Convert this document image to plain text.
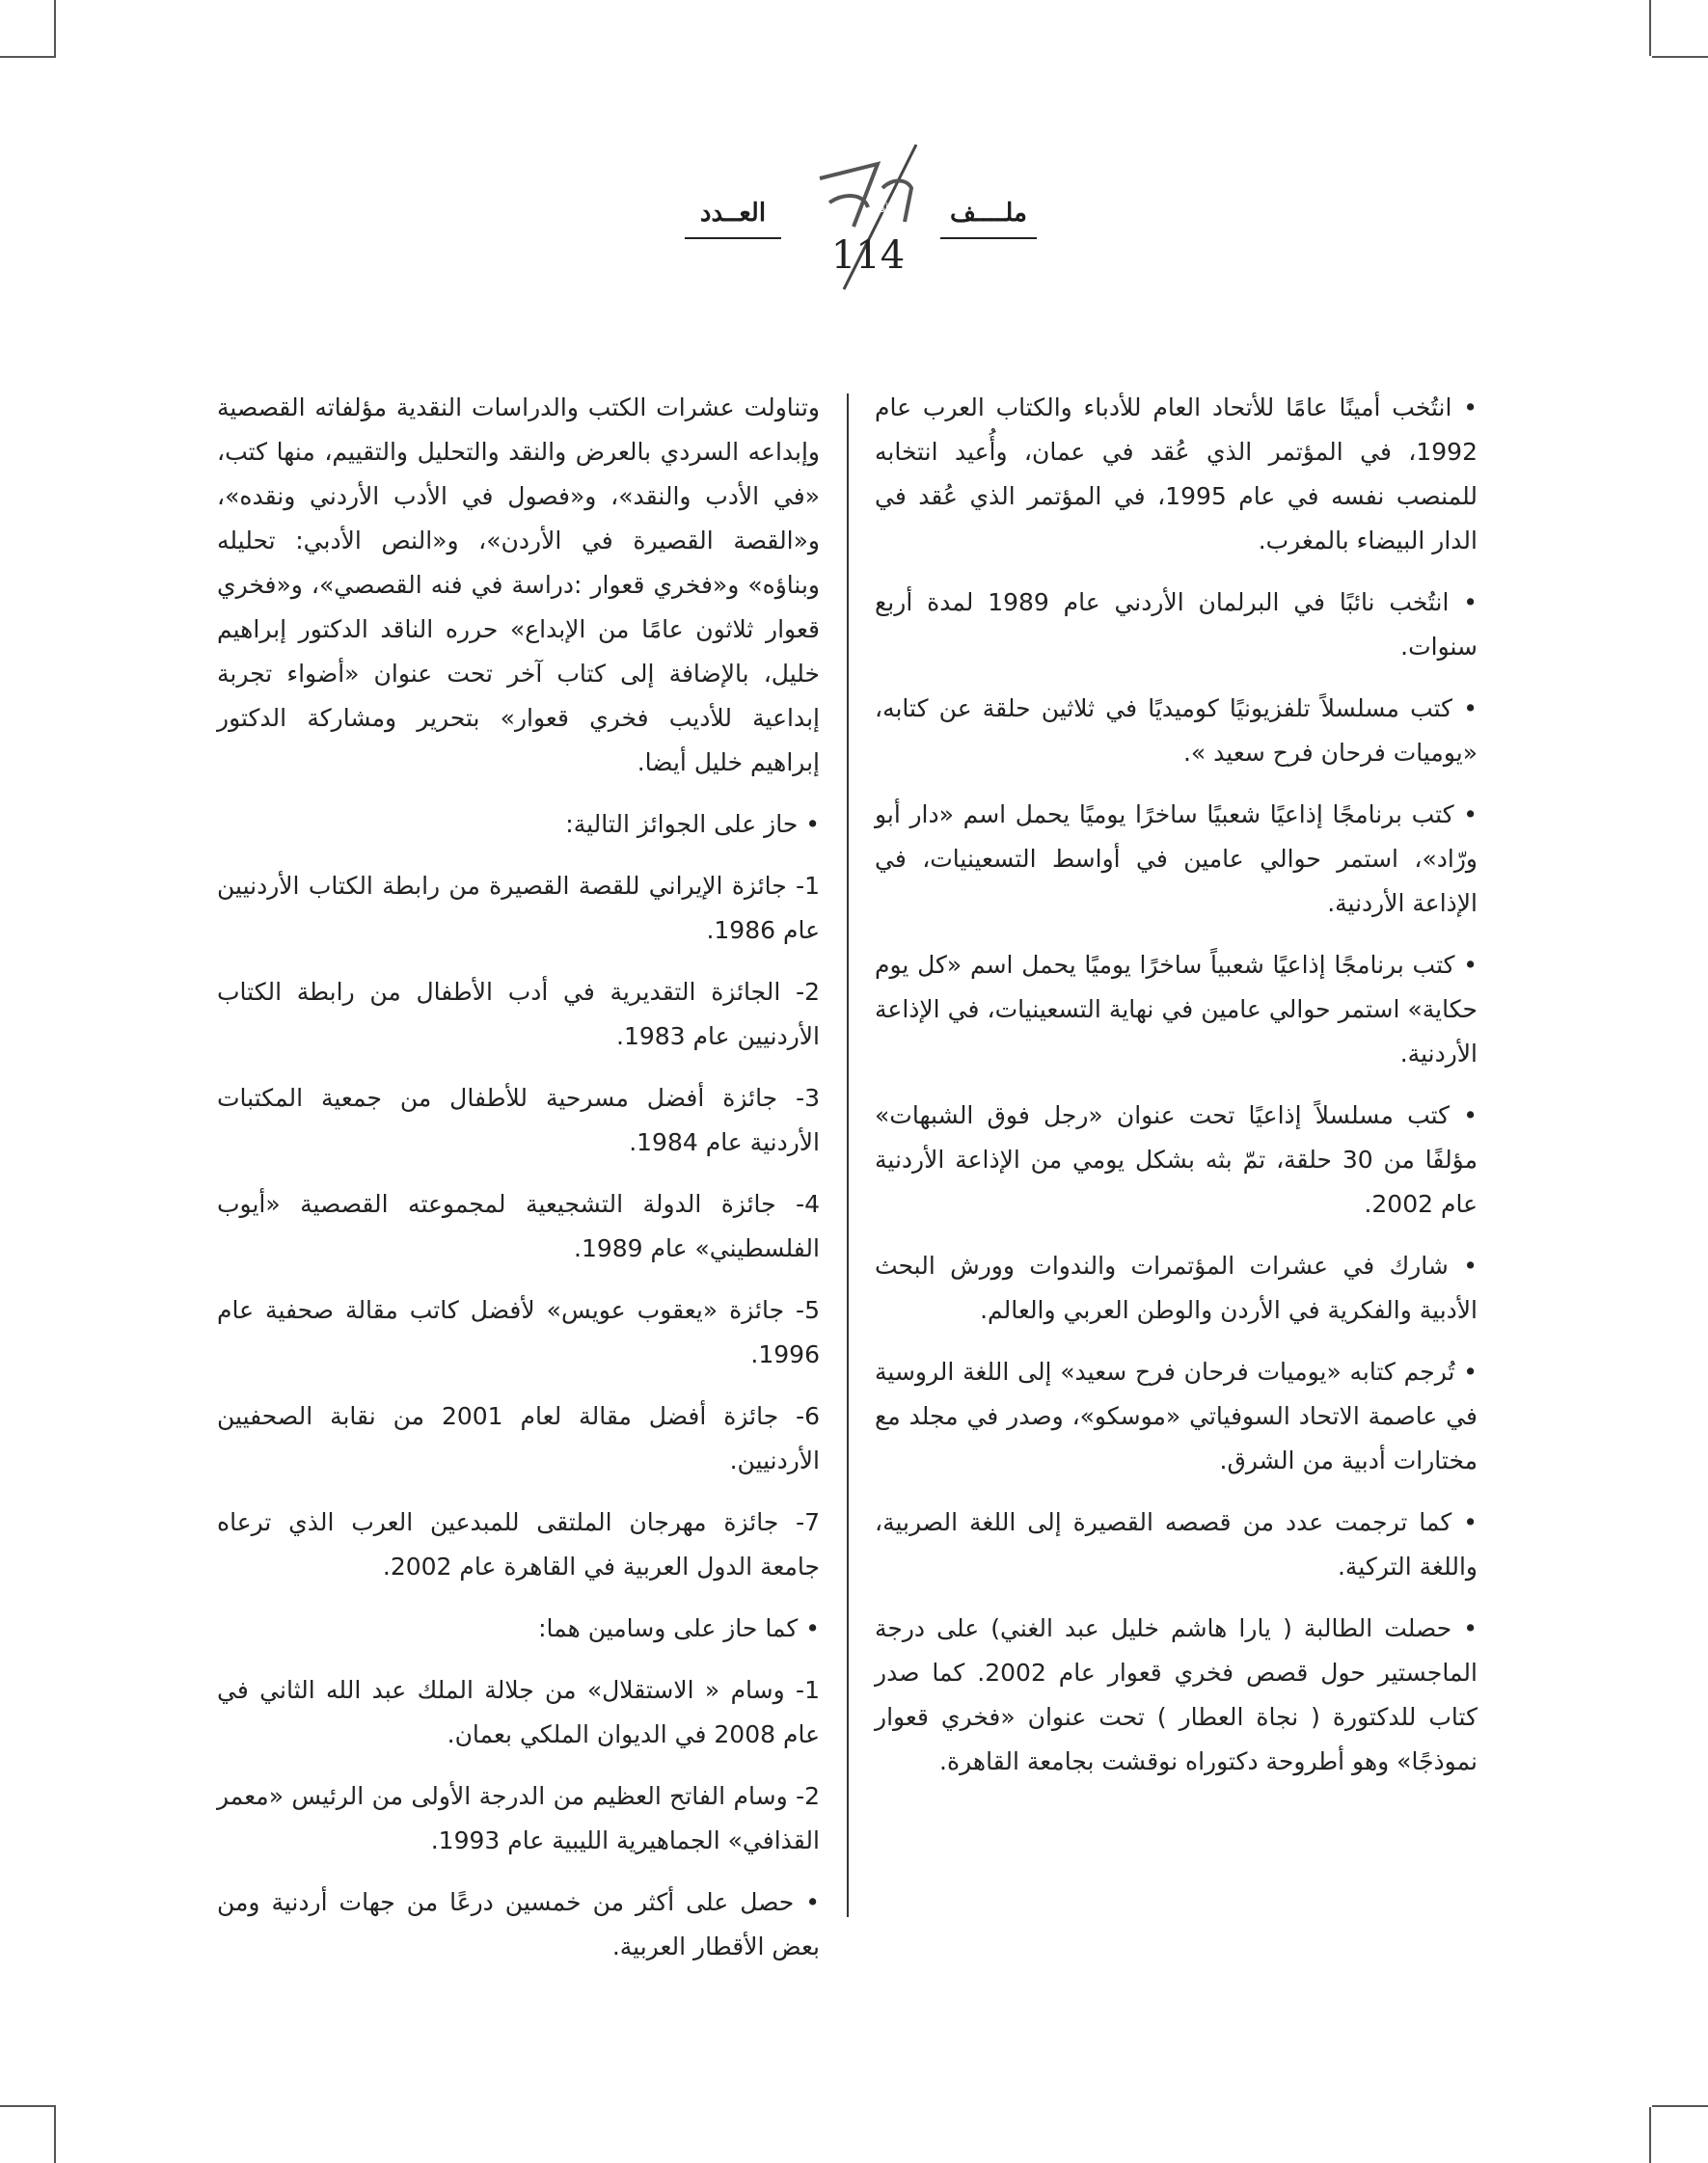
أفكار
العــدد	ملــــف
114

• انتُخب أمينًا عامًا للأتحاد العام للأدباء والكتاب العرب عام 1992، في المؤتمر الذي عُقد في عمان، وأُعيد انتخابه للمنصب نفسه في عام 1995، في المؤتمر الذي عُقد في الدار البيضاء بالمغرب.

• انتُخب نائبًا في البرلمان الأردني عام 1989 لمدة أربع سنوات.

• كتب مسلسلاً تلفزيونيًا كوميديًا في ثلاثين حلقة عن كتابه، «يوميات فرحان فرح سعيد ».

• كتب برنامجًا إذاعيًا شعبيًا ساخرًا يوميًا يحمل اسم «دار أبو ورّاد»، استمر حوالي عامين في أواسط التسعينيات، في الإذاعة الأردنية.

• كتب برنامجًا إذاعيًا شعبياً ساخرًا يوميًا يحمل اسم «كل يوم حكاية» استمر حوالي عامين في نهاية التسعينيات، في الإذاعة الأردنية.

• كتب مسلسلاً إذاعيًا تحت عنوان «رجل فوق الشبهات» مؤلفًا من 30 حلقة، تمّ بثه بشكل يومي من الإذاعة الأردنية عام 2002.

• شارك في عشرات المؤتمرات والندوات وورش البحث الأدبية والفكرية في الأردن والوطن العربي والعالم.

• تُرجم كتابه «يوميات فرحان فرح سعيد» إلى اللغة الروسية في عاصمة الاتحاد السوفياتي «موسكو»، وصدر في مجلد مع مختارات أدبية من الشرق.

• كما ترجمت عدد من قصصه القصيرة إلى اللغة الصربية، واللغة التركية.

• حصلت الطالبة ( يارا هاشم خليل عبد الغني) على درجة الماجستير حول قصص فخري قعوار عام 2002. كما صدر كتاب للدكتورة ( نجاة العطار ) تحت عنوان «فخري قعوار نموذجًا» وهو أطروحة دكتوراه نوقشت بجامعة القاهرة.

وتناولت عشرات الكتب والدراسات النقدية مؤلفاته القصصية وإبداعه السردي بالعرض والنقد والتحليل والتقييم، منها كتب، «في الأدب والنقد»، و«فصول في الأدب الأردني ونقده»، و«القصة القصيرة في الأردن»، و«النص الأدبي: تحليله وبناؤه» و«فخري قعوار :دراسة في فنه القصصي»، و«فخري قعوار ثلاثون عامًا من الإبداع» حرره الناقد الدكتور إبراهيم خليل، بالإضافة إلى كتاب آخر تحت عنوان «أضواء تجربة إبداعية للأديب فخري قعوار» بتحرير ومشاركة الدكتور إبراهيم خليل أيضا.

• حاز على الجوائز التالية:

1- جائزة الإيراني للقصة القصيرة من رابطة الكتاب الأردنيين عام 1986.

2- الجائزة التقديرية في أدب الأطفال من رابطة الكتاب الأردنيين عام 1983.

3- جائزة أفضل مسرحية للأطفال من جمعية المكتبات الأردنية عام 1984.

4- جائزة الدولة التشجيعية لمجموعته القصصية «أيوب الفلسطيني» عام 1989.

5- جائزة «يعقوب عويس» لأفضل كاتب مقالة صحفية عام 1996.

6- جائزة أفضل مقالة لعام 2001 من نقابة الصحفيين الأردنيين.

7- جائزة مهرجان الملتقى للمبدعين العرب الذي ترعاه جامعة الدول العربية في القاهرة عام 2002.

• كما حاز على وسامين هما:

1- وسام « الاستقلال» من جلالة الملك عبد الله الثاني في عام 2008 في الديوان الملكي بعمان.

2- وسام الفاتح العظيم من الدرجة الأولى من الرئيس «معمر القذافي» الجماهيرية الليبية عام 1993.

• حصل على أكثر من خمسين درعًا من جهات أردنية ومن بعض الأقطار العربية.
